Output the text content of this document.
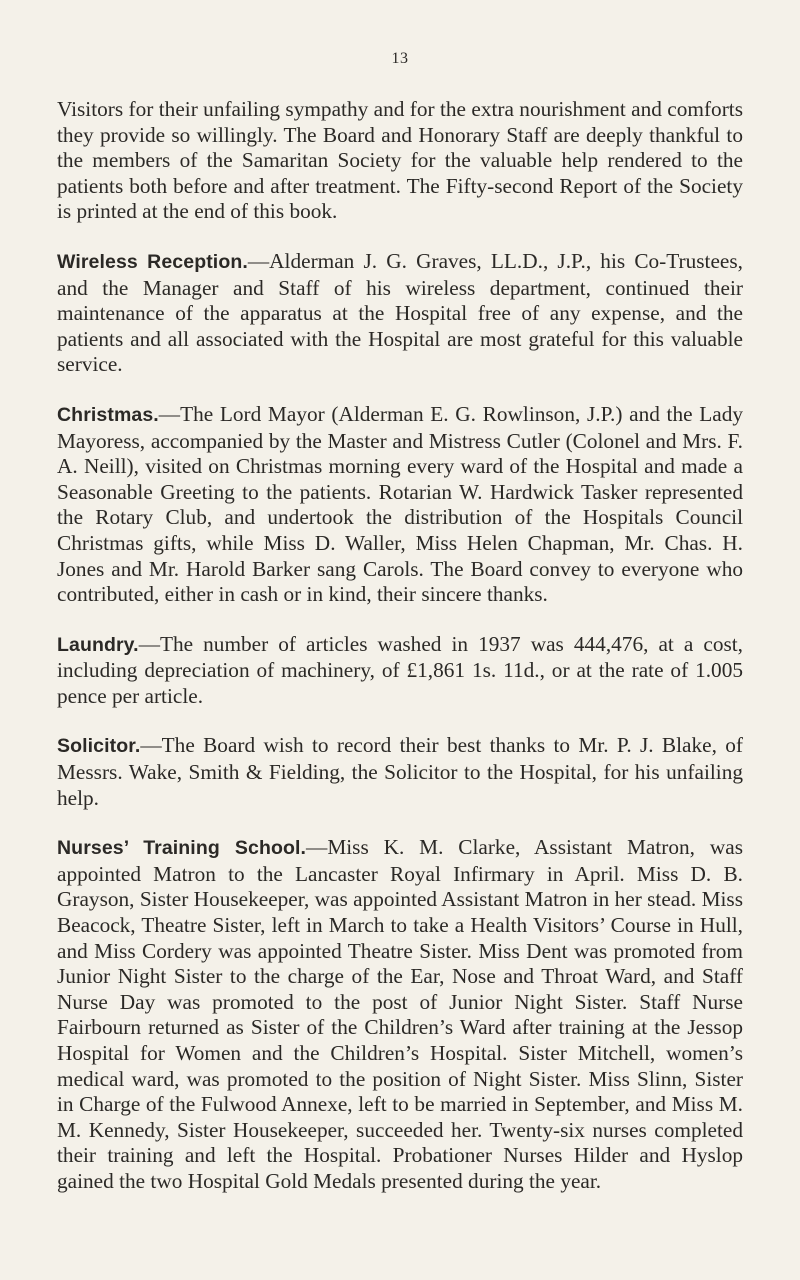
13

Visitors for their unfailing sympathy and for the extra nourishment and comforts they provide so willingly. The Board and Honorary Staff are deeply thankful to the members of the Samaritan Society for the valuable help rendered to the patients both before and after treatment. The Fifty-second Report of the Society is printed at the end of this book.

Wireless Reception.—Alderman J. G. Graves, LL.D., J.P., his Co-Trustees, and the Manager and Staff of his wireless department, continued their maintenance of the apparatus at the Hospital free of any expense, and the patients and all associated with the Hospital are most grateful for this valuable service.

Christmas.—The Lord Mayor (Alderman E. G. Rowlinson, J.P.) and the Lady Mayoress, accompanied by the Master and Mistress Cutler (Colonel and Mrs. F. A. Neill), visited on Christmas morning every ward of the Hospital and made a Seasonable Greeting to the patients. Rotarian W. Hardwick Tasker represented the Rotary Club, and undertook the distribution of the Hospitals Council Christmas gifts, while Miss D. Waller, Miss Helen Chapman, Mr. Chas. H. Jones and Mr. Harold Barker sang Carols. The Board convey to everyone who contributed, either in cash or in kind, their sincere thanks.

Laundry.—The number of articles washed in 1937 was 444,476, at a cost, including depreciation of machinery, of £1,861 1s. 11d., or at the rate of 1.005 pence per article.

Solicitor.—The Board wish to record their best thanks to Mr. P. J. Blake, of Messrs. Wake, Smith & Fielding, the Solicitor to the Hospital, for his unfailing help.

Nurses’ Training School.—Miss K. M. Clarke, Assistant Matron, was appointed Matron to the Lancaster Royal Infirmary in April. Miss D. B. Grayson, Sister Housekeeper, was appointed Assistant Matron in her stead. Miss Beacock, Theatre Sister, left in March to take a Health Visitors’ Course in Hull, and Miss Cordery was appointed Theatre Sister. Miss Dent was promoted from Junior Night Sister to the charge of the Ear, Nose and Throat Ward, and Staff Nurse Day was promoted to the post of Junior Night Sister. Staff Nurse Fairbourn returned as Sister of the Children’s Ward after training at the Jessop Hospital for Women and the Children’s Hospital. Sister Mitchell, women’s medical ward, was promoted to the position of Night Sister. Miss Slinn, Sister in Charge of the Fulwood Annexe, left to be married in September, and Miss M. M. Kennedy, Sister Housekeeper, succeeded her. Twenty-six nurses completed their training and left the Hospital. Probationer Nurses Hilder and Hyslop gained the two Hospital Gold Medals presented during the year.
